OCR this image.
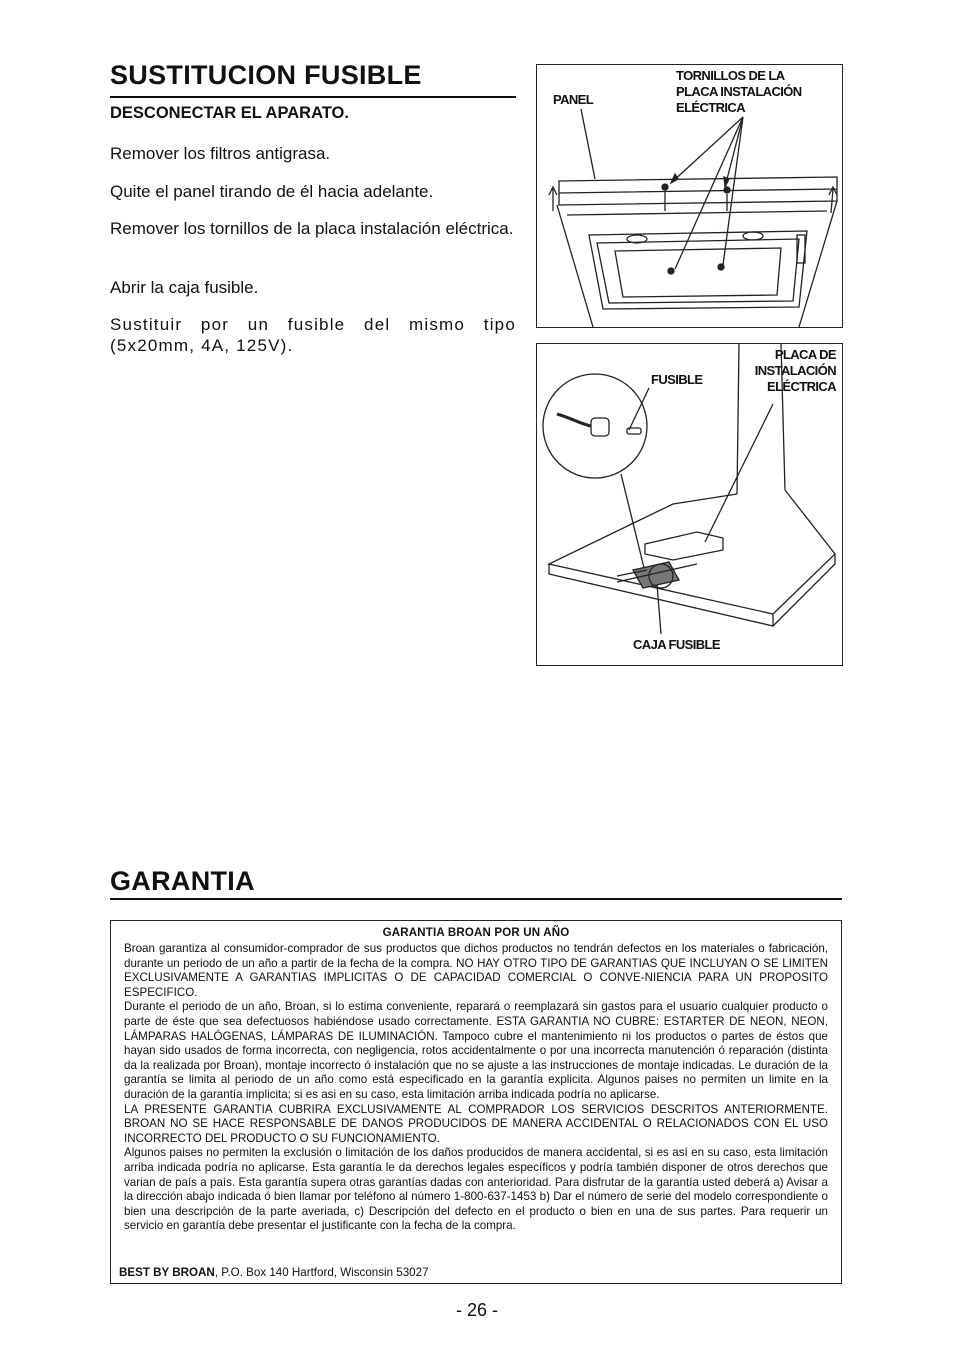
SUSTITUCION FUSIBLE
DESCONECTAR EL APARATO.
Remover los filtros antigrasa.
Quite el panel tirando de él hacia adelante.
Remover los tornillos de la placa instalación eléctrica.
Abrir la caja fusible.
Sustituir por un fusible del mismo tipo (5x20mm, 4A, 125V).
PANEL
TORNILLOS DE LA
PLACA INSTALACIÓN
ELÉCTRICA
FUSIBLE
PLACA DE
INSTALACIÓN
ELÉCTRICA
CAJA FUSIBLE
GARANTIA
GARANTIA BROAN POR UN AÑO

Broan garantiza al consumidor-comprador de sus productos que dichos productos no tendrán defectos en los materiales o fabricación, durante un periodo de un año a partir de la fecha de la compra. NO HAY OTRO TIPO DE GARANTIAS QUE INCLUYAN O SE LIMITEN EXCLUSIVAMENTE A GARANTIAS IMPLICITAS O DE CAPACIDAD COMERCIAL O CONVE-NIENCIA PARA UN PROPOSITO ESPECIFICO.

Durante el periodo de un año, Broan, si lo estima conveniente, reparará o reemplazará sin gastos para el usuario cualquier producto o parte de éste que sea defectuosos habiéndose usado correctamente. ESTA GARANTIA NO CUBRE: ESTARTER DE NEON, NEON, LÁMPARAS HALÓGENAS, LÁMPARAS DE ILUMINACIÓN. Tampoco cubre el mantenimiento ni los productos o partes de éstos que hayan sido usados de forma incorrecta, con negligencia, rotos accidentalmente o por una incorrecta manutención ó reparación (distinta da la realizada por Broan), montaje incorrecto ó instalación que no se ajuste a las instrucciones de montaje indicadas. Le duración de la garantía se limita al periodo de un año como está especificado en la garantía explicita. Algunos paises no permiten un limite en la duración de la garantía implicita; si es asi en su caso, esta limitación arriba indicada podría no aplicarse.

LA PRESENTE GARANTIA CUBRIRA EXCLUSIVAMENTE AL COMPRADOR LOS SERVICIOS DESCRITOS ANTERIORMENTE. BROAN NO SE HACE RESPONSABLE DE DANOS PRODUCIDOS DE MANERA ACCIDENTAL O RELACIONADOS CON EL USO INCORRECTO DEL PRODUCTO O SU FUNCIONAMIENTO.

Algunos paises no permiten la exclusión o limitación de los daños producidos de manera accidental, si es así en su caso, esta limitación arriba indicada podría no aplicarse. Esta garantía le da derechos legales específicos y podría también disponer de otros derechos que varian de país a país. Esta garantía supera otras garantías dadas con anterioridad. Para disfrutar de la garantía usted deberá a) Avisar a la dirección abajo indicada ó bien llamar por teléfono al número 1-800-637-1453 b) Dar el número de serie del modelo correspondiente o bien una descripción de la parte averiada, c) Descripción del defecto en el producto o bien en una de sus partes. Para requerir un servicio en garantía debe presentar el justificante con la fecha de la compra.

BEST BY BROAN, P.O. Box 140 Hartford, Wisconsin 53027
- 26 -
